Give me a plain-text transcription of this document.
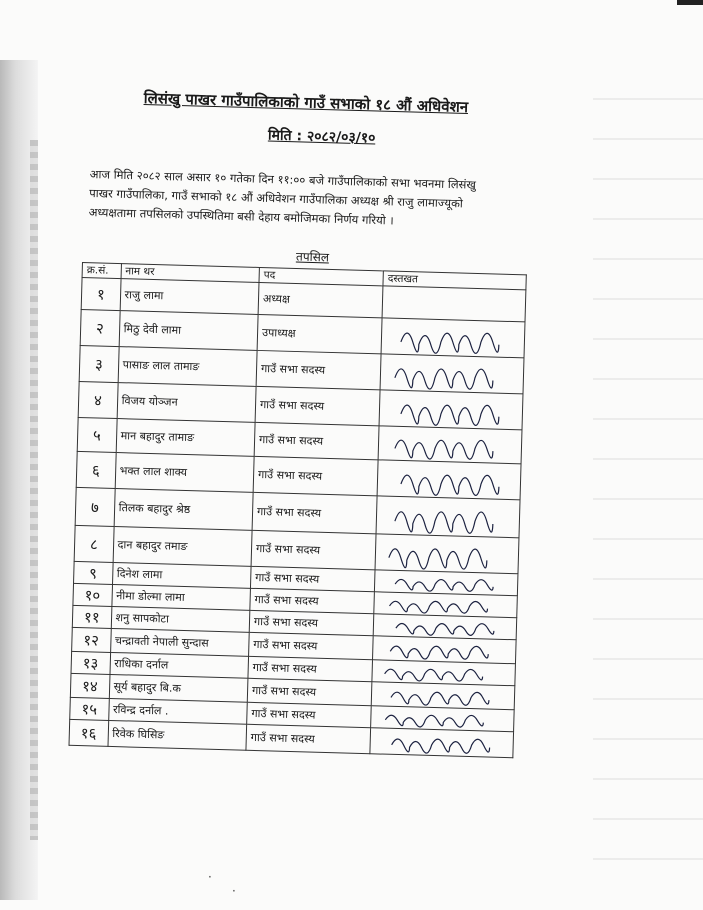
लिसंखु पाखर गाउँपालिकाको गाउँ सभाको १८ औं अधिवेशन
मिति : २०८२/०३/१०
आज मिति २०८२ साल असार १० गतेका दिन ११:०० बजे गाउँपालिकाको सभा भवनमा लिसंखु
पाखर गाउँपालिका, गाउँ सभाको १८ औं अधिवेशन गाउँपालिका अध्यक्ष श्री राजु लामाज्यूको
अध्यक्षतामा तपसिलको उपस्थितिमा बसी देहाय बमोजिमका निर्णय गरियो ।
तपसिल
क्र.सं.	नाम थर	पद	दस्तखत
१	राजु लामा	अध्यक्ष	
२	मिठु देवी लामा	उपाध्यक्ष	

३	पासाङ लाल तामाङ	गाउँ सभा सदस्य	

४	विजय योञ्जन	गाउँ सभा सदस्य	

५	मान बहादुर तामाङ	गाउँ सभा सदस्य	

६	भक्त लाल शाक्य	गाउँ सभा सदस्य	

७	तिलक बहादुर श्रेष्ठ	गाउँ सभा सदस्य	

८	दान बहादुर तमाङ	गाउँ सभा सदस्य	

९	दिनेश लामा	गाउँ सभा सदस्य	

१०	नीमा डोल्मा लामा	गाउँ सभा सदस्य	

११	शनु सापकोटा	गाउँ सभा सदस्य	

१२	चन्द्रावती नेपाली सुन्दास	गाउँ सभा सदस्य	

१३	राधिका दर्नाल	गाउँ सभा सदस्य	

१४	सूर्य बहादुर बि.क	गाउँ सभा सदस्य	

१५	रविन्द्र दर्नाल .	गाउँ सभा सदस्य	

१६	रिवेक घिसिङ	गाउँ सभा सदस्य	
·
·
